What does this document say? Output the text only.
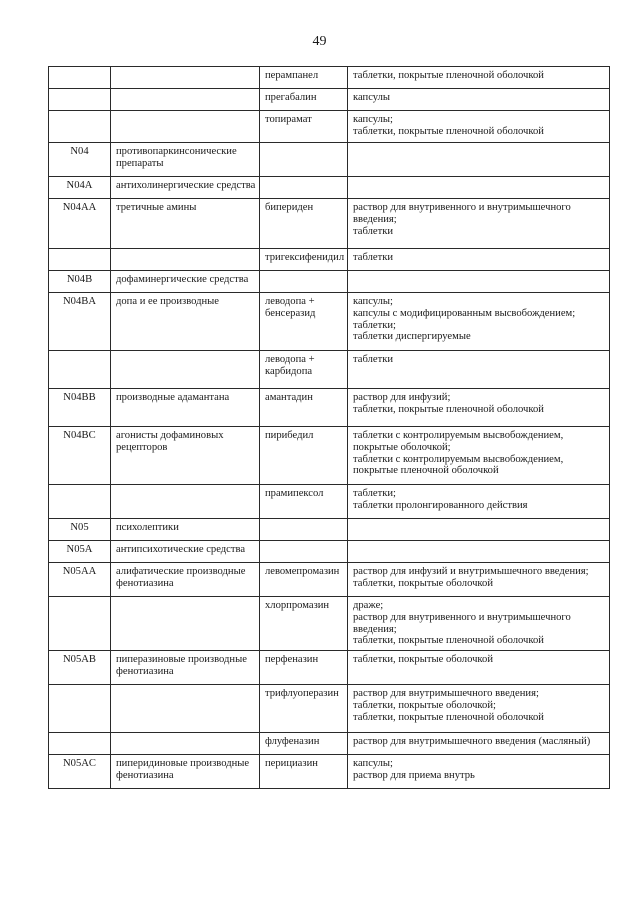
49

		перампанел	таблетки, покрытые пленочной оболочкой

		прегабалин	капсулы

		топирамат	капсулы;
таблетки, покрытые пленочной оболочкой

N04	противопаркинсонические
препараты		

N04A	антихолинергические средства		

N04AA	третичные амины	бипериден	раствор для внутривенного и внутримышечного
введения;
таблетки

		тригексифенидил	таблетки

N04B	дофаминергические средства		

N04BA	допа и ее производные	леводопа +
бенсеразид	капсулы;
капсулы с модифицированным высвобождением;
таблетки;
таблетки диспергируемые

		леводопа +
карбидопа	таблетки

N04BB	производные адамантана	амантадин	раствор для инфузий;
таблетки, покрытые пленочной оболочкой

N04BC	агонисты дофаминовых
рецепторов	пирибедил	таблетки с контролируемым высвобождением,
покрытые оболочкой;
таблетки с контролируемым высвобождением,
покрытые пленочной оболочкой

		прамипексол	таблетки;
таблетки пролонгированного действия

N05	психолептики		

N05A	антипсихотические средства		

N05AA	алифатические производные
фенотиазина	левомепромазин	раствор для инфузий и внутримышечного введения;
таблетки, покрытые оболочкой

		хлорпромазин	драже;
раствор для внутривенного и внутримышечного
введения;
таблетки, покрытые пленочной оболочкой

N05AB	пиперазиновые производные
фенотиазина	перфеназин	таблетки, покрытые оболочкой

		трифлуоперазин	раствор для внутримышечного введения;
таблетки, покрытые оболочкой;
таблетки, покрытые пленочной оболочкой

		флуфеназин	раствор для внутримышечного введения (масляный)

N05AC	пиперидиновые производные
фенотиазина	перициазин	капсулы;
раствор для приема внутрь
